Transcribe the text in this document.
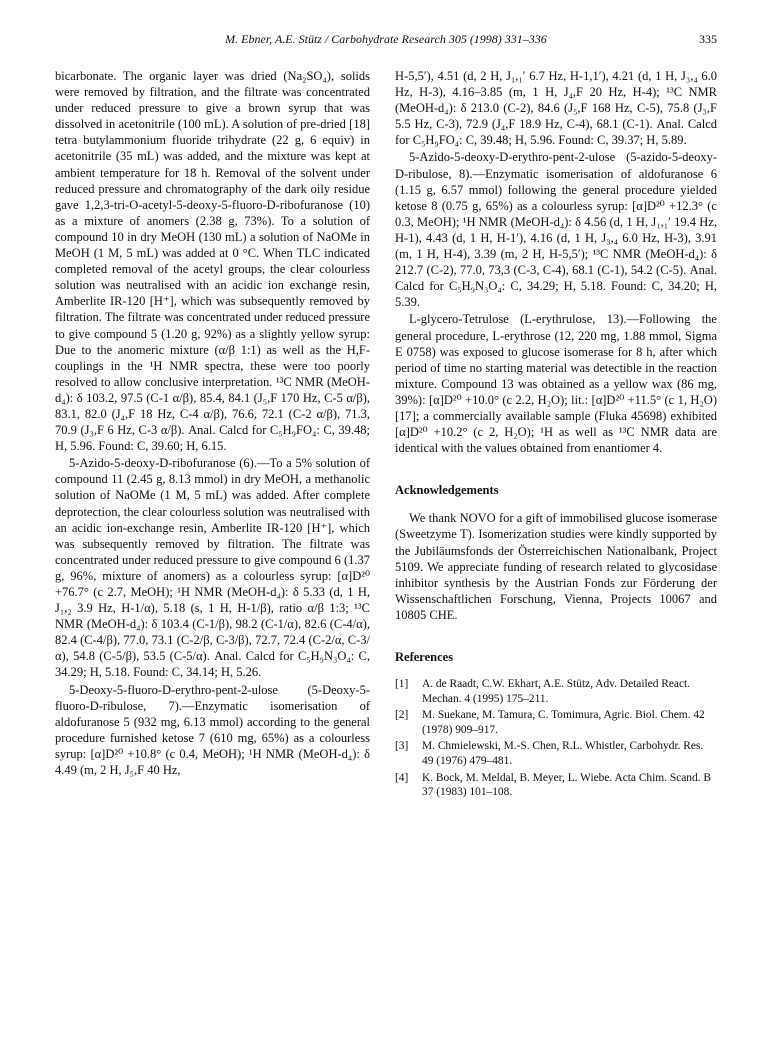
M. Ebner, A.E. Stütz / Carbohydrate Research 305 (1998) 331–336	335

bicarbonate. The organic layer was dried (Na₂SO₄), solids were removed by filtration, and the filtrate was concentrated under reduced pressure to give a brown syrup that was dissolved in acetonitrile (100 mL). A solution of pre-dried [18] tetra butylammonium fluoride trihydrate (22 g, 6 equiv) in acetonitrile (35 mL) was added, and the mixture was kept at ambient temperature for 18 h. Removal of the solvent under reduced pressure and chromatography of the dark oily residue gave 1,2,3-tri-O-acetyl-5-deoxy-5-fluoro-D-ribofuranose (10) as a mixture of anomers (2.38 g, 73%). To a solution of compound 10 in dry MeOH (130 mL) a solution of NaOMe in MeOH (1 M, 5 mL) was added at 0 °C. When TLC indicated completed removal of the acetyl groups, the clear colourless solution was neutralised with an acidic ion exchange resin, Amberlite IR-120 [H⁺], which was subsequently removed by filtration. The filtrate was concentrated under reduced pressure to give compound 5 (1.20 g, 92%) as a slightly yellow syrup: Due to the anomeric mixture (α/β 1:1) as well as the H,F-couplings in the ¹H NMR spectra, these were too poorly resolved to allow conclusive interpretation. ¹³C NMR (MeOH-d₄): δ 103.2, 97.5 (C-1 α/β), 85.4, 84.1 (J₅,F 170 Hz, C-5 α/β), 83.1, 82.0 (J₄,F 18 Hz, C-4 α/β), 76.6, 72.1 (C-2 α/β), 71.3, 70.9 (J₃,F 6 Hz, C-3 α/β). Anal. Calcd for C₅H₉FO₄: C, 39.48; H, 5.96. Found: C, 39.60; H, 6.15.

5-Azido-5-deoxy-D-ribofuranose (6).—To a 5% solution of compound 11 (2.45 g, 8.13 mmol) in dry MeOH, a methanolic solution of NaOMe (1 M, 5 mL) was added. After complete deprotection, the clear colourless solution was neutralised with an acidic ion-exchange resin, Amberlite IR-120 [H⁺], which was subsequently removed by filtration. The filtrate was concentrated under reduced pressure to give compound 6 (1.37 g, 96%, mixture of anomers) as a colourless syrup: [α]D²⁰ +76.7° (c 2.7, MeOH); ¹H NMR (MeOH-d₄): δ 5.33 (d, 1 H, J₁,₂ 3.9 Hz, H-1/α), 5.18 (s, 1 H, H-1/β), ratio α/β 1:3; ¹³C NMR (MeOH-d₄): δ 103.4 (C-1/β), 98.2 (C-1/α), 82.6 (C-4/α), 82.4 (C-4/β), 77.0, 73.1 (C-2/β, C-3/β), 72.7, 72.4 (C-2/α, C-3/α), 54.8 (C-5/β), 53.5 (C-5/α). Anal. Calcd for C₅H₉N₃O₄: C, 34.29; H, 5.18. Found: C, 34.14; H, 5.26.

5-Deoxy-5-fluoro-D-erythro-pent-2-ulose (5-Deoxy-5-fluoro-D-ribulose, 7).—Enzymatic isomerisation of aldofuranose 5 (932 mg, 6.13 mmol) according to the general procedure furnished ketose 7 (610 mg, 65%) as a colourless syrup: [α]D²⁰ +10.8° (c 0.4, MeOH); ¹H NMR (MeOH-d₄): δ 4.49 (m, 2 H, J₅,F 40 Hz,

H-5,5′), 4.51 (d, 2 H, J₁,₁′ 6.7 Hz, H-1,1′), 4.21 (d, 1 H, J₃,₄ 6.0 Hz, H-3), 4.16–3.85 (m, 1 H, J₄,F 20 Hz, H-4); ¹³C NMR (MeOH-d₄): δ 213.0 (C-2), 84.6 (J₅,F 168 Hz, C-5), 75.8 (J₃,F 5.5 Hz, C-3), 72.9 (J₄,F 18.9 Hz, C-4), 68.1 (C-1). Anal. Calcd for C₅H₉FO₄: C, 39.48; H, 5.96. Found: C, 39.37; H, 5.89.

5-Azido-5-deoxy-D-erythro-pent-2-ulose (5-azido-5-deoxy-D-ribulose, 8).—Enzymatic isomerisation of aldofuranose 6 (1.15 g, 6.57 mmol) following the general procedure yielded ketose 8 (0.75 g, 65%) as a colourless syrup: [α]D²⁰ +12.3° (c 0.3, MeOH); ¹H NMR (MeOH-d₄): δ 4.56 (d, 1 H, J₁,₁′ 19.4 Hz, H-1), 4.43 (d, 1 H, H-1′), 4.16 (d, 1 H, J₃,₄ 6.0 Hz, H-3), 3.91 (m, 1 H, H-4), 3.39 (m, 2 H, H-5,5′); ¹³C NMR (MeOH-d₄): δ 212.7 (C-2), 77.0, 73,3 (C-3, C-4), 68.1 (C-1), 54.2 (C-5). Anal. Calcd for C₅H₉N₃O₄: C, 34.29; H, 5.18. Found: C, 34.20; H, 5.39.

L-glycero-Tetrulose (L-erythrulose, 13).—Following the general procedure, L-erythrose (12, 220 mg, 1.88 mmol, Sigma E 0758) was exposed to glucose isomerase for 8 h, after which period of time no starting material was detectible in the reaction mixture. Compound 13 was obtained as a yellow wax (86 mg, 39%): [α]D²⁰ +10.0° (c 2.2, H₂O); lit.: [α]D²⁰ +11.5° (c 1, H₂O) [17]; a commercially available sample (Fluka 45698) exhibited [α]D²⁰ +10.2° (c 2, H₂O); ¹H as well as ¹³C NMR data are identical with the values obtained from enantiomer 4.

Acknowledgements

We thank NOVO for a gift of immobilised glucose isomerase (Sweetzyme T). Isomerization studies were kindly supported by the Jubiläumsfonds der Österreichischen Nationalbank, Project 5109. We appreciate funding of research related to glycosidase inhibitor synthesis by the Austrian Fonds zur Förderung der Wissenschaftlichen Forschung, Vienna, Projects 10067 and 10805 CHE.

References
[1] A. de Raadt, C.W. Ekhart, A.E. Stütz, Adv. Detailed React. Mechan. 4 (1995) 175–211.
[2] M. Suekane, M. Tamura, C. Tomimura, Agric. Biol. Chem. 42 (1978) 909–917.
[3] M. Chmielewski, M.-S. Chen, R.L. Whistler, Carbohydr. Res. 49 (1976) 479–481.
[4] K. Bock, M. Meldal, B. Meyer, L. Wiebe. Acta Chim. Scand. B 37 (1983) 101–108.
